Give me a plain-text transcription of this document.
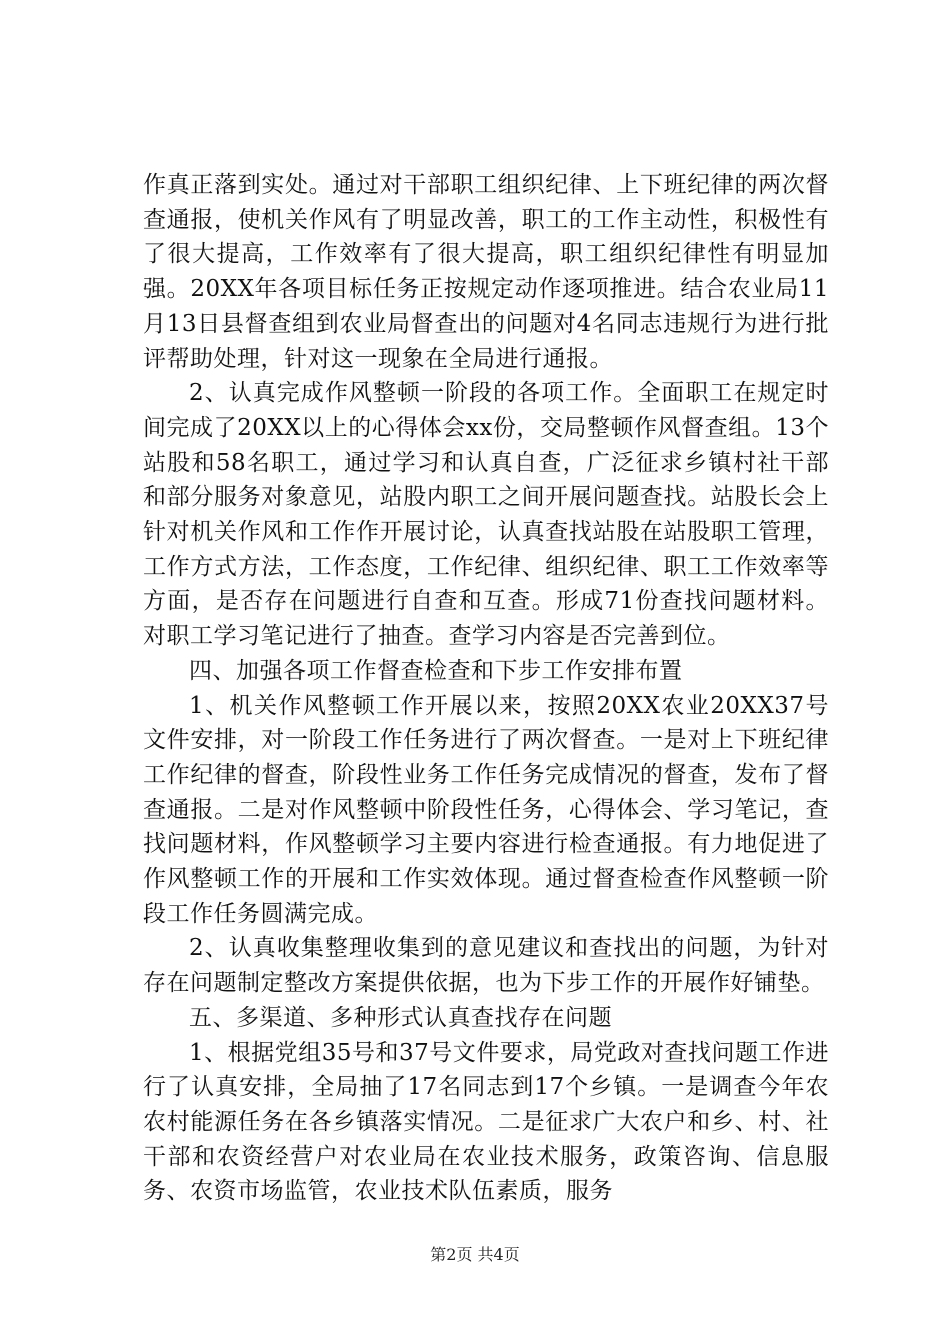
作真正落到实处。通过对干部职工组织纪律、上下班纪律的两次督查通报，使机关作风有了明显改善，职工的工作主动性，积极性有了很大提高，工作效率有了很大提高，职工组织纪律性有明显加强。20XX年各项目标任务正按规定动作逐项推进。结合农业局11月13日县督查组到农业局督查出的问题对4名同志违规行为进行批评帮助处理，针对这一现象在全局进行通报。

2、认真完成作风整顿一阶段的各项工作。全面职工在规定时间完成了20XX以上的心得体会xx份，交局整顿作风督查组。13个站股和58名职工，通过学习和认真自查，广泛征求乡镇村社干部和部分服务对象意见，站股内职工之间开展问题查找。站股长会上针对机关作风和工作作开展讨论，认真查找站股在站股职工管理，工作方式方法，工作态度，工作纪律、组织纪律、职工工作效率等方面，是否存在问题进行自查和互查。形成71份查找问题材料。对职工学习笔记进行了抽查。查学习内容是否完善到位。

四、加强各项工作督查检查和下步工作安排布置

1、机关作风整顿工作开展以来，按照20XX农业20XX37号文件安排，对一阶段工作任务进行了两次督查。一是对上下班纪律工作纪律的督查，阶段性业务工作任务完成情况的督查，发布了督查通报。二是对作风整顿中阶段性任务，心得体会、学习笔记，查找问题材料，作风整顿学习主要内容进行检查通报。有力地促进了作风整顿工作的开展和工作实效体现。通过督查检查作风整顿一阶段工作任务圆满完成。

2、认真收集整理收集到的意见建议和查找出的问题，为针对存在问题制定整改方案提供依据，也为下步工作的开展作好铺垫。

五、多渠道、多种形式认真查找存在问题

1、根据党组35号和37号文件要求，局党政对查找问题工作进行了认真安排，全局抽了17名同志到17个乡镇。一是调查今年农农村能源任务在各乡镇落实情况。二是征求广大农户和乡、村、社干部和农资经营户对农业局在农业技术服务，政策咨询、信息服务、农资市场监管，农业技术队伍素质，服务

第2页 共4页
